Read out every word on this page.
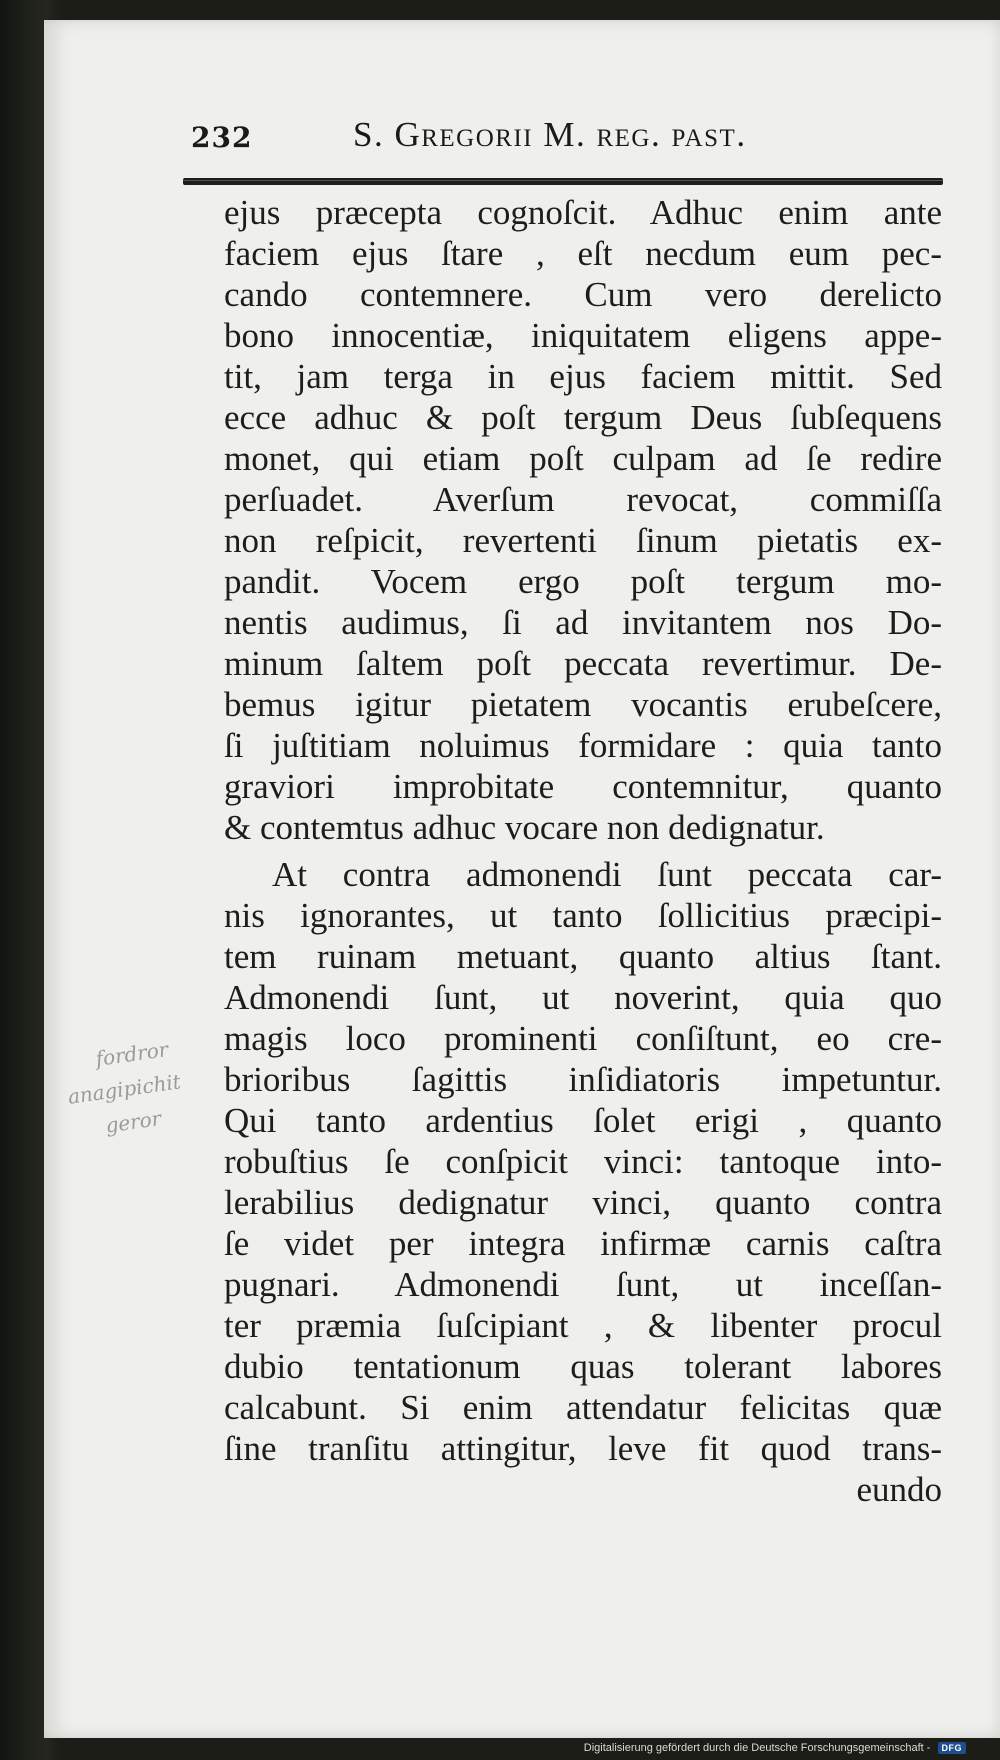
232	S. Gregorii M. reg. past.
ejus præcepta cognoſcit. Adhuc enim ante
faciem ejus ſtare , eſt necdum eum pec-
cando contemnere. Cum vero derelicto
bono innocentiæ, iniquitatem eligens appe-
tit, jam terga in ejus faciem mittit. Sed
ecce adhuc & poſt tergum Deus ſubſequens
monet, qui etiam poſt culpam ad ſe redire
perſuadet. Averſum revocat, commiſſa
non reſpicit, revertenti ſinum pietatis ex-
pandit. Vocem ergo poſt tergum mo-
nentis audimus, ſi ad invitantem nos Do-
minum ſaltem poſt peccata revertimur. De-
bemus igitur pietatem vocantis erubeſcere,
ſi juſtitiam noluimus formidare : quia tanto
graviori improbitate contemnitur, quanto
& contemtus adhuc vocare non dedignatur.
At contra admonendi ſunt peccata car-
nis ignorantes, ut tanto ſollicitius præcipi-
tem ruinam metuant, quanto altius ſtant.
Admonendi ſunt, ut noverint, quia quo
magis loco prominenti conſiſtunt, eo cre-
brioribus ſagittis inſidiatoris impetuntur.
Qui tanto ardentius ſolet erigi , quanto
robuſtius ſe conſpicit vinci: tantoque into-
lerabilius dedignatur vinci, quanto contra
ſe videt per integra infirmæ carnis caſtra
pugnari. Admonendi ſunt, ut inceſſan-
ter præmia ſuſcipiant , & libenter procul
dubio tentationum quas tolerant labores
calcabunt. Si enim attendatur felicitas quæ
ſine tranſitu attingitur, leve fit quod trans-
eundo
fordror
anagipichit
geror
Digitalisierung gefördert durch die Deutsche Forschungsgemeinschaft - DFG
